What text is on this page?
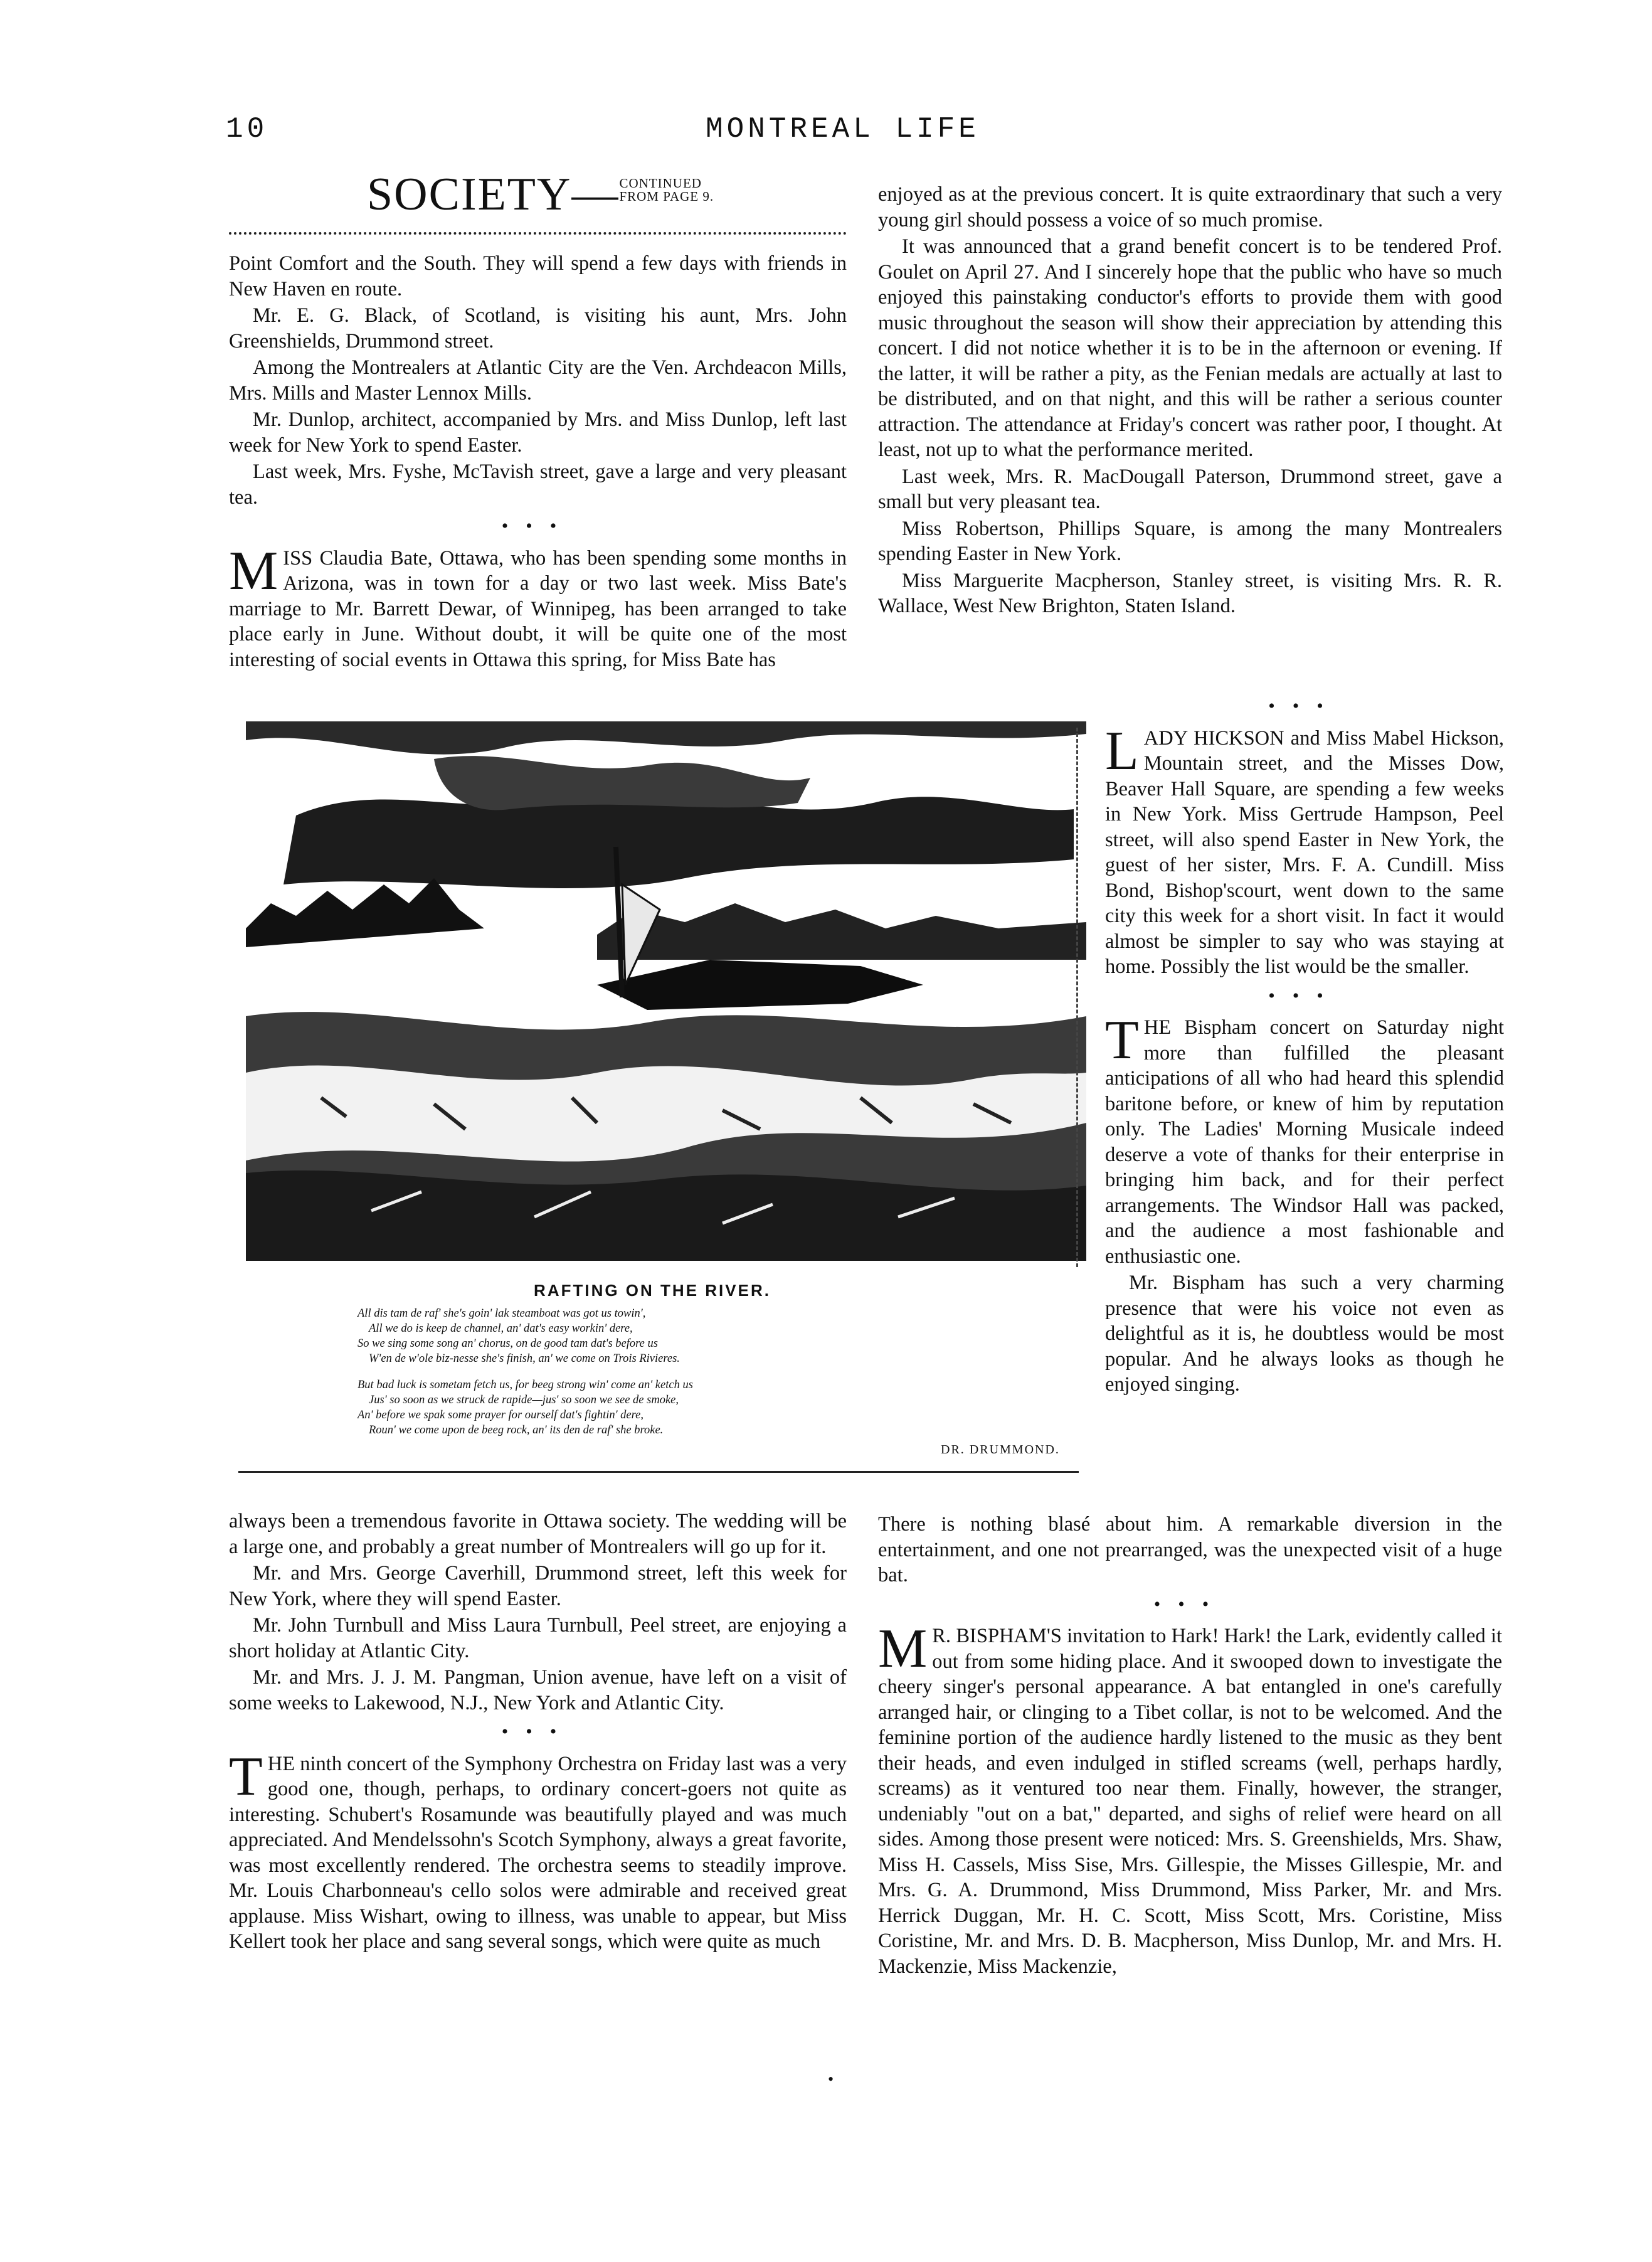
10	MONTREAL LIFE
SOCIETY—CONTINUED
FROM PAGE 9.

Point Comfort and the South. They will spend a few days with friends in New Haven en route.

Mr. E. G. Black, of Scotland, is visiting his aunt, Mrs. John Greenshields, Drummond street.

Among the Montrealers at Atlantic City are the Ven. Archdeacon Mills, Mrs. Mills and Master Lennox Mills.

Mr. Dunlop, architect, accompanied by Mrs. and Miss Dunlop, left last week for New York to spend Easter.

Last week, Mrs. Fyshe, McTavish street, gave a large and very pleasant tea.

•••

MISS Claudia Bate, Ottawa, who has been spending some months in Arizona, was in town for a day or two last week. Miss Bate's marriage to Mr. Barrett Dewar, of Winnipeg, has been arranged to take place early in June. Without doubt, it will be quite one of the most interesting of social events in Ottawa this spring, for Miss Bate has

enjoyed as at the previous concert. It is quite extraordinary that such a very young girl should possess a voice of so much promise.

It was announced that a grand benefit concert is to be tendered Prof. Goulet on April 27. And I sincerely hope that the public who have so much enjoyed this painstaking conductor's efforts to provide them with good music throughout the season will show their appreciation by attending this concert. I did not notice whether it is to be in the afternoon or evening. If the latter, it will be rather a pity, as the Fenian medals are actually at last to be distributed, and on that night, and this will be rather a serious counter attraction. The attendance at Friday's concert was rather poor, I thought. At least, not up to what the performance merited.

Last week, Mrs. R. MacDougall Paterson, Drummond street, gave a small but very pleasant tea.

Miss Robertson, Phillips Square, is among the many Montrealers spending Easter in New York.

Miss Marguerite Macpherson, Stanley street, is visiting Mrs. R. R. Wallace, West New Brighton, Staten Island.

RAFTING ON THE RIVER.
All dis tam de raf' she's goin' lak steamboat was got us towin',
All we do is keep de channel, an' dat's easy workin' dere,
So we sing some song an' chorus, on de good tam dat's before us
W'en de w'ole biz-nesse she's finish, an' we come on Trois Rivieres.
But bad luck is sometam fetch us, for beeg strong win' come an' ketch us
Jus' so soon as we struck de rapide—jus' so soon we see de smoke,
An' before we spak some prayer for ourself dat's fightin' dere,
Roun' we come upon de beeg rock, an' its den de raf' she broke.
DR. DRUMMOND.
•••

LADY HICKSON and Miss Mabel Hickson, Mountain street, and the Misses Dow, Beaver Hall Square, are spending a few weeks in New York. Miss Gertrude Hampson, Peel street, will also spend Easter in New York, the guest of her sister, Mrs. F. A. Cundill. Miss Bond, Bishop'scourt, went down to the same city this week for a short visit. In fact it would almost be simpler to say who was staying at home. Possibly the list would be the smaller.

•••

THE Bispham concert on Saturday night more than fulfilled the pleasant anticipations of all who had heard this splendid baritone before, or knew of him by reputation only. The Ladies' Morning Musicale indeed deserve a vote of thanks for their enterprise in bringing him back, and for their perfect arrangements. The Windsor Hall was packed, and the audience a most fashionable and enthusiastic one.

Mr. Bispham has such a very charming presence that were his voice not even as delightful as it is, he doubtless would be most popular. And he always looks as though he enjoyed singing.

always been a tremendous favorite in Ottawa society. The wedding will be a large one, and probably a great number of Montrealers will go up for it.

Mr. and Mrs. George Caverhill, Drummond street, left this week for New York, where they will spend Easter.

Mr. John Turnbull and Miss Laura Turnbull, Peel street, are enjoying a short holiday at Atlantic City.

Mr. and Mrs. J. J. M. Pangman, Union avenue, have left on a visit of some weeks to Lakewood, N.J., New York and Atlantic City.

•••

THE ninth concert of the Symphony Orchestra on Friday last was a very good one, though, perhaps, to ordinary concert-goers not quite as interesting. Schubert's Rosamunde was beautifully played and was much appreciated. And Mendelssohn's Scotch Symphony, always a great favorite, was most excellently rendered. The orchestra seems to steadily improve. Mr. Louis Charbonneau's cello solos were admirable and received great applause. Miss Wishart, owing to illness, was unable to appear, but Miss Kellert took her place and sang several songs, which were quite as much

There is nothing blasé about him. A remarkable diversion in the entertainment, and one not prearranged, was the unexpected visit of a huge bat.

•••

M R. BISPHAM'S invitation to Hark! Hark! the Lark, evidently called it out from some hiding place. And it swooped down to investigate the cheery singer's personal appearance. A bat entangled in one's carefully arranged hair, or clinging to a Tibet collar, is not to be welcomed. And the feminine portion of the audience hardly listened to the music as they bent their heads, and even indulged in stifled screams (well, perhaps hardly, screams) as it ventured too near them. Finally, however, the stranger, undeniably "out on a bat," departed, and sighs of relief were heard on all sides. Among those present were noticed: Mrs. S. Greenshields, Mrs. Shaw, Miss H. Cassels, Miss Sise, Mrs. Gillespie, the Misses Gillespie, Mr. and Mrs. G. A. Drummond, Miss Drummond, Miss Parker, Mr. and Mrs. Herrick Duggan, Mr. H. C. Scott, Miss Scott, Mrs. Coristine, Miss Coristine, Mr. and Mrs. D. B. Macpherson, Miss Dunlop, Mr. and Mrs. H. Mackenzie, Miss Mackenzie,

•
